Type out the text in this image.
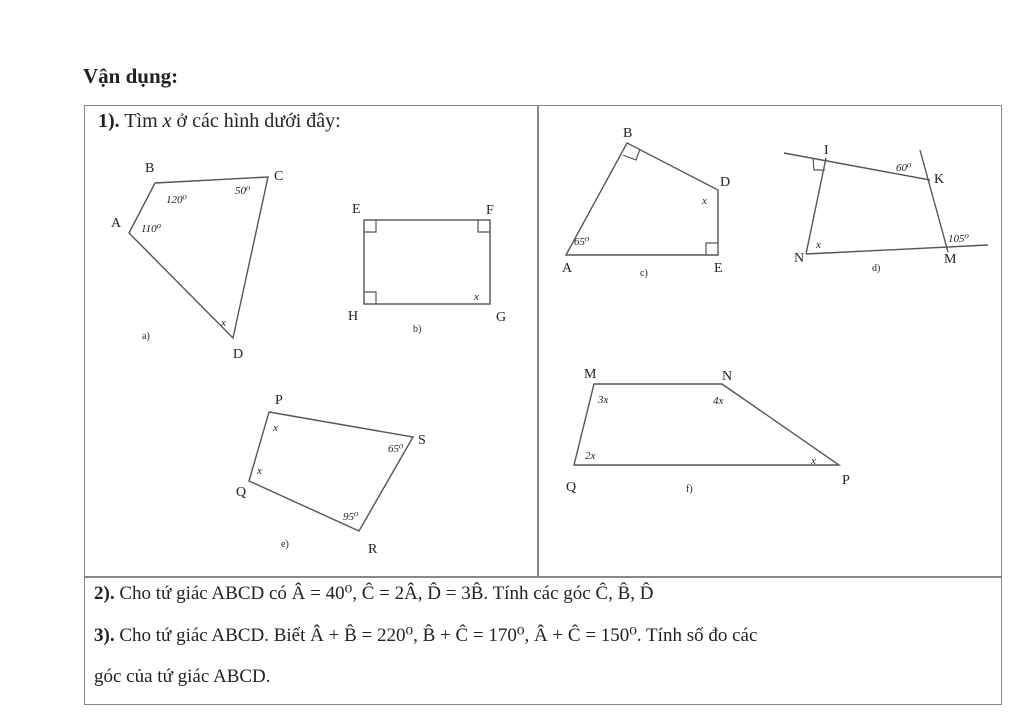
Vận dụng:
1). Tìm x ở các hình dưới đây:
B
C
A
D
120⁰
50⁰
110⁰
x
a)
E	F
G
H
x
b)
B
D
A	E
65⁰
x
c)
I
K
M
N
60⁰
105⁰
x
d)
P
S
R
Q
x
x
65⁰
95⁰
e)
M	N
P
Q
3x	4x
2x	x
f)
2). Cho tứ giác ABCD có Â = 40⁰, Ĉ = 2Â, D̂ = 3B̂. Tính các góc Ĉ, B̂, D̂
3). Cho tứ giác ABCD. Biết Â + B̂ = 220⁰, B̂ + Ĉ = 170⁰, Â + Ĉ = 150⁰. Tính số đo các
góc của tứ giác ABCD.
